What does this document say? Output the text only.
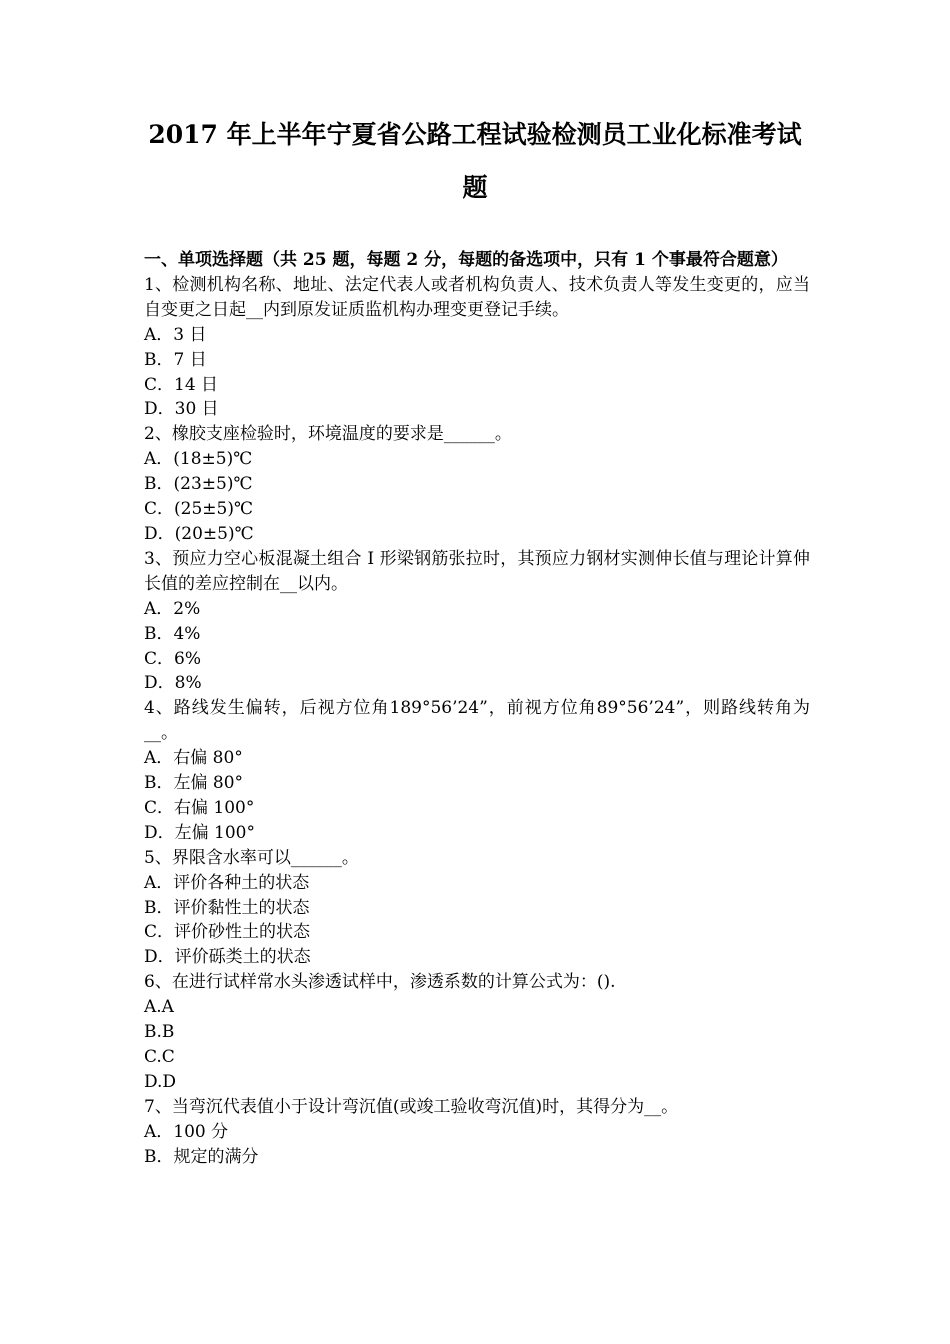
2017 年上半年宁夏省公路工程试验检测员工业化标准考试
题

一、单项选择题（共 25 题，每题 2 分，每题的备选项中，只有 1 个事最符合题意）

1、检测机构名称、地址、法定代表人或者机构负责人、技术负责人等发生变更的，应当自变更之日起__内到原发证质监机构办理变更登记手续。

A．3 日

B．7 日

C．14 日

D．30 日

2、橡胶支座检验时，环境温度的要求是______。

A．(18±5)℃

B．(23±5)℃

C．(25±5)℃

D．(20±5)℃

3、预应力空心板混凝土组合 I 形梁钢筋张拉时，其预应力钢材实测伸长值与理论计算伸长值的差应控制在__以内。

A．2%

B．4%

C．6%

D．8%

4、路线发生偏转，后视方位角189°56’24”，前视方位角89°56’24”，则路线转角为__。

A．右偏 80°

B．左偏 80°

C．右偏 100°

D．左偏 100°

5、界限含水率可以______。

A．评价各种土的状态

B．评价黏性土的状态

C．评价砂性土的状态

D．评价砾类土的状态

6、在进行试样常水头渗透试样中，渗透系数的计算公式为：().

A.A

B.B

C.C

D.D

7、当弯沉代表值小于设计弯沉值(或竣工验收弯沉值)时，其得分为__。

A．100 分

B．规定的满分
